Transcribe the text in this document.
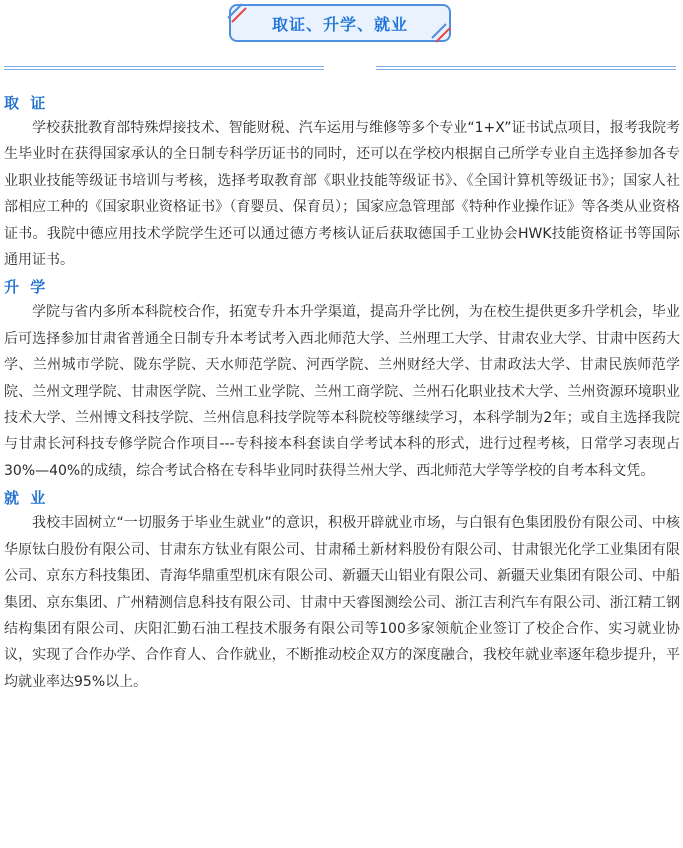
取证、升学、就业
取 证

学校获批教育部特殊焊接技术、智能财税、汽车运用与维修等多个专业“1+X”证书试点项目，报考我院考生毕业时在获得国家承认的全日制专科学历证书的同时，还可以在学校内根据自己所学专业自主选择参加各专业职业技能等级证书培训与考核，选择考取教育部《职业技能等级证书》、《全国计算机等级证书》；国家人社部相应工种的《国家职业资格证书》（育婴员、保育员）；国家应急管理部《特种作业操作证》等各类从业资格证书。我院中德应用技术学院学生还可以通过德方考核认证后获取德国手工业协会HWK技能资格证书等国际通用证书。

升 学

学院与省内多所本科院校合作，拓宽专升本升学渠道，提高升学比例，为在校生提供更多升学机会，毕业后可选择参加甘肃省普通全日制专升本考试考入西北师范大学、兰州理工大学、甘肃农业大学、甘肃中医药大学、兰州城市学院、陇东学院、天水师范学院、河西学院、兰州财经大学、甘肃政法大学、甘肃民族师范学院、兰州文理学院、甘肃医学院、兰州工业学院、兰州工商学院、兰州石化职业技术大学、兰州资源环境职业技术大学、兰州博文科技学院、兰州信息科技学院等本科院校等继续学习，本科学制为2年；或自主选择我院与甘肃长河科技专修学院合作项目---专科接本科套读自学考试本科的形式，进行过程考核，日常学习表现占30%—40%的成绩，综合考试合格在专科毕业同时获得兰州大学、西北师范大学等学校的自考本科文凭。

就 业

我校丰固树立“一切服务于毕业生就业”的意识，积极开辟就业市场，与白银有色集团股份有限公司、中核华原钛白股份有限公司、甘肃东方钛业有限公司、甘肃稀土新材料股份有限公司、甘肃银光化学工业集团有限公司、京东方科技集团、青海华鼎重型机床有限公司、新疆天山铝业有限公司、新疆天业集团有限公司、中船集团、京东集团、广州精测信息科技有限公司、甘肃中天睿图测绘公司、浙江吉利汽车有限公司、浙江精工钢结构集团有限公司、庆阳汇勤石油工程技术服务有限公司等100多家领航企业签订了校企合作、实习就业协议，实现了合作办学、合作育人、合作就业，不断推动校企双方的深度融合，我校年就业率逐年稳步提升，平均就业率达95%以上。
